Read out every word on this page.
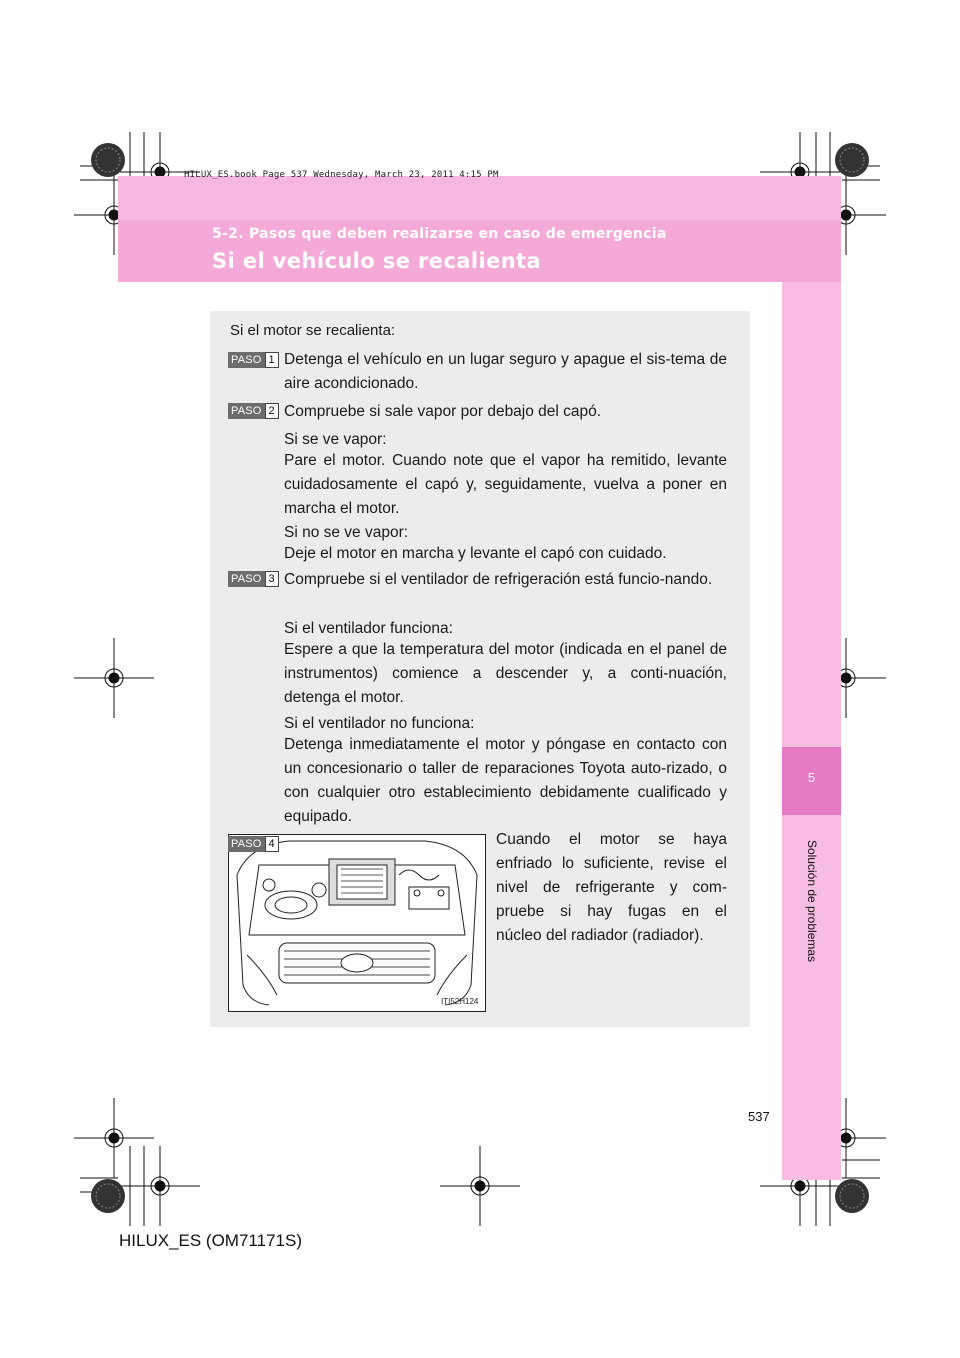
HILUX_ES.book Page 537 Wednesday, March 23, 2011 4:15 PM
5-2. Pasos que deben realizarse en caso de emergencia
Si el vehículo se recalienta
5
Solución de problemas
Si el motor se recalienta:
PASO 1 Detenga el vehículo en un lugar seguro y apague el sis-tema de aire acondicionado.
PASO 2 Compruebe si sale vapor por debajo del capó.
Si se ve vapor:
Pare el motor. Cuando note que el vapor ha remitido, levante cuidadosamente el capó y, seguidamente, vuelva a poner en marcha el motor.
Si no se ve vapor:
Deje el motor en marcha y levante el capó con cuidado.
PASO 3 Compruebe si el ventilador de refrigeración está funcio-nando.
Si el ventilador funciona:
Espere a que la temperatura del motor (indicada en el panel de instrumentos) comience a descender y, a conti-nuación, detenga el motor.
Si el ventilador no funciona:
Detenga inmediatamente el motor y póngase en contacto con un concesionario o taller de reparaciones Toyota auto-rizado, o con cualquier otro establecimiento debidamente cualificado y equipado.
PASO 4
ITI52H124
Cuando el motor se haya
enfriado lo suficiente, revise el
nivel de refrigerante y com-
pruebe si hay fugas en el
núcleo del radiador (radiador).
537
HILUX_ES (OM71171S)
